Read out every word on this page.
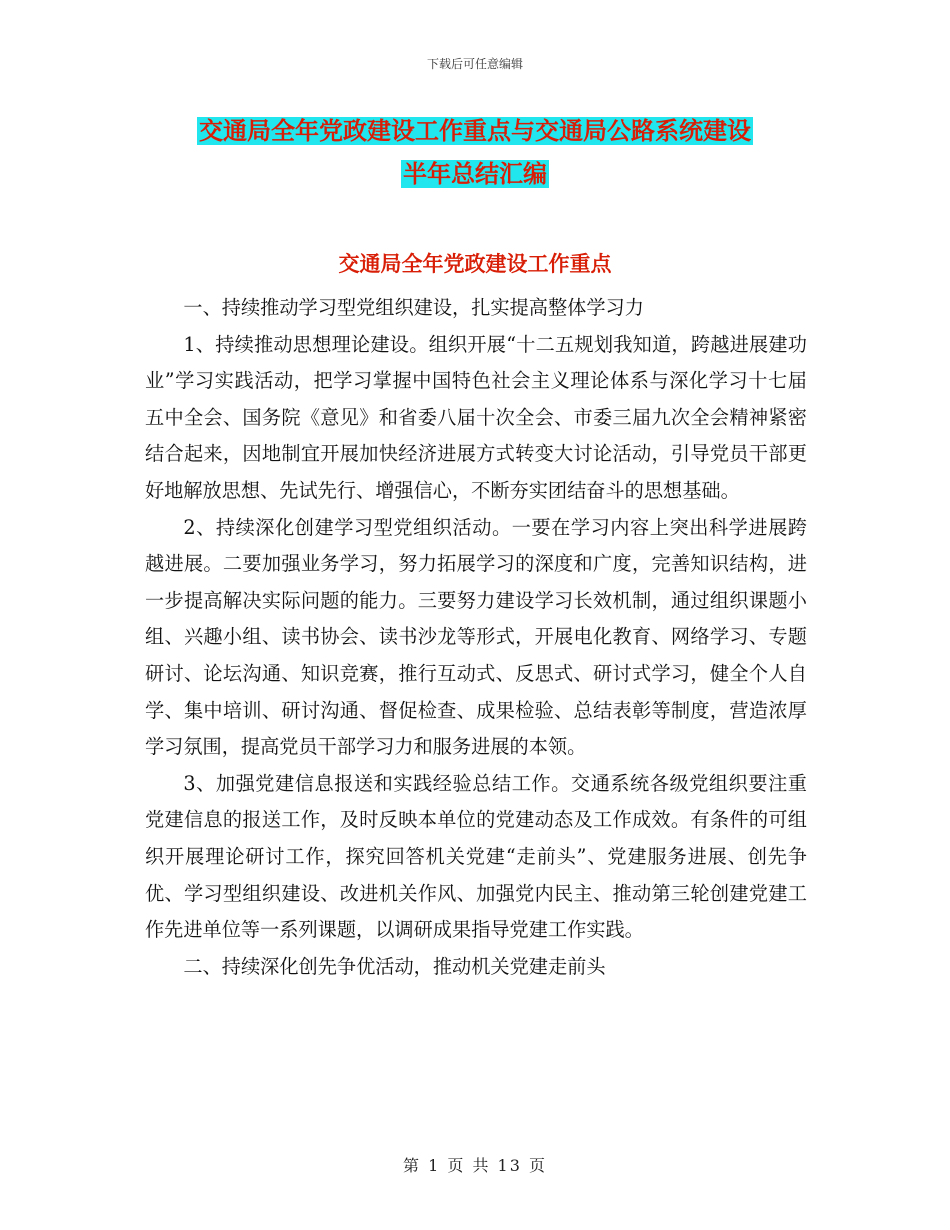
下载后可任意编辑
交通局全年党政建设工作重点与交通局公路系统建设
半年总结汇编
交通局全年党政建设工作重点

一、持续推动学习型党组织建设，扎实提高整体学习力

1、持续推动思想理论建设。组织开展“十二五规划我知道，跨越进展建功业”学习实践活动，把学习掌握中国特色社会主义理论体系与深化学习十七届五中全会、国务院《意见》和省委八届十次全会、市委三届九次全会精神紧密结合起来，因地制宜开展加快经济进展方式转变大讨论活动，引导党员干部更好地解放思想、先试先行、增强信心，不断夯实团结奋斗的思想基础。

2、持续深化创建学习型党组织活动。一要在学习内容上突出科学进展跨越进展。二要加强业务学习，努力拓展学习的深度和广度，完善知识结构，进一步提高解决实际问题的能力。三要努力建设学习长效机制，通过组织课题小组、兴趣小组、读书协会、读书沙龙等形式，开展电化教育、网络学习、专题研讨、论坛沟通、知识竞赛，推行互动式、反思式、研讨式学习，健全个人自学、集中培训、研讨沟通、督促检查、成果检验、总结表彰等制度，营造浓厚学习氛围，提高党员干部学习力和服务进展的本领。

3、加强党建信息报送和实践经验总结工作。交通系统各级党组织要注重党建信息的报送工作，及时反映本单位的党建动态及工作成效。有条件的可组织开展理论研讨工作，探究回答机关党建“走前头”、党建服务进展、创先争优、学习型组织建设、改进机关作风、加强党内民主、推动第三轮创建党建工作先进单位等一系列课题，以调研成果指导党建工作实践。

二、持续深化创先争优活动，推动机关党建走前头

第 1 页 共 13 页
